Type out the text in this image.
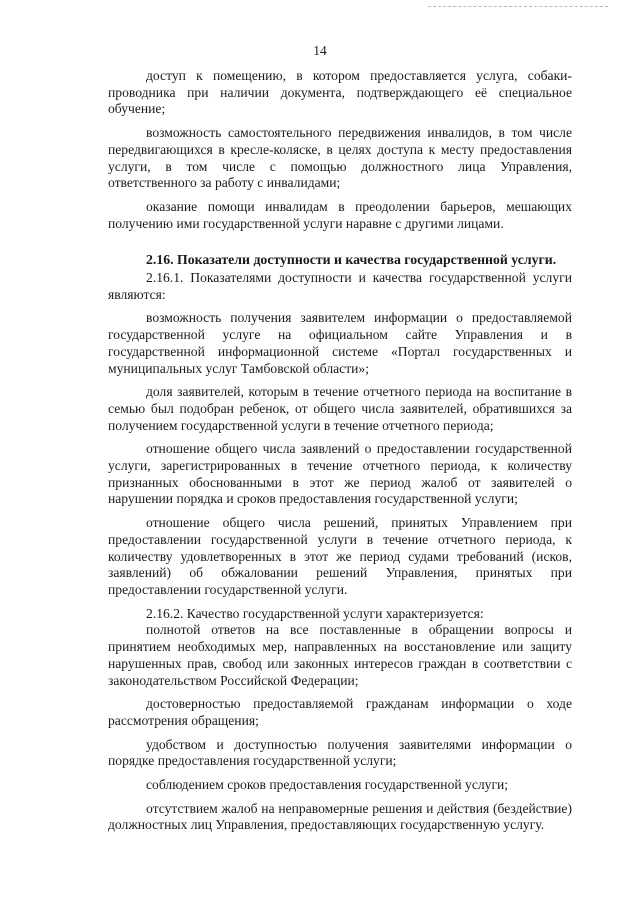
14

доступ к помещению, в котором предоставляется услуга, собаки-проводника при наличии документа, подтверждающего её специальное обучение;

возможность самостоятельного передвижения инвалидов, в том числе передвигающихся в кресле-коляске, в целях доступа к месту предоставления услуги, в том числе с помощью должностного лица Управления, ответственного за работу с инвалидами;

оказание помощи инвалидам в преодолении барьеров, мешающих получению ими государственной услуги наравне с другими лицами.

2.16. Показатели доступности и качества государственной услуги.

2.16.1. Показателями доступности и качества государственной услуги являются:

возможность получения заявителем информации о предоставляемой государственной услуге на официальном сайте Управления и в государственной информационной системе «Портал государственных и муниципальных услуг Тамбовской области»;

доля заявителей, которым в течение отчетного периода на воспитание в семью был подобран ребенок, от общего числа заявителей, обратившихся за получением государственной услуги в течение отчетного периода;

отношение общего числа заявлений о предоставлении государственной услуги, зарегистрированных в течение отчетного периода, к количеству признанных обоснованными в этот же период жалоб от заявителей о нарушении порядка и сроков предоставления государственной услуги;

отношение общего числа решений, принятых Управлением при предоставлении государственной услуги в течение отчетного периода, к количеству удовлетворенных в этот же период судами требований (исков, заявлений) об обжаловании решений Управления, принятых при предоставлении государственной услуги.

2.16.2. Качество государственной услуги характеризуется:

полнотой ответов на все поставленные в обращении вопросы и принятием необходимых мер, направленных на восстановление или защиту нарушенных прав, свобод или законных интересов граждан в соответствии с законодательством Российской Федерации;

достоверностью предоставляемой гражданам информации о ходе рассмотрения обращения;

удобством и доступностью получения заявителями информации о порядке предоставления государственной услуги;

соблюдением сроков предоставления государственной услуги;

отсутствием жалоб на неправомерные решения и действия (бездействие) должностных лиц Управления, предоставляющих государственную услугу.
